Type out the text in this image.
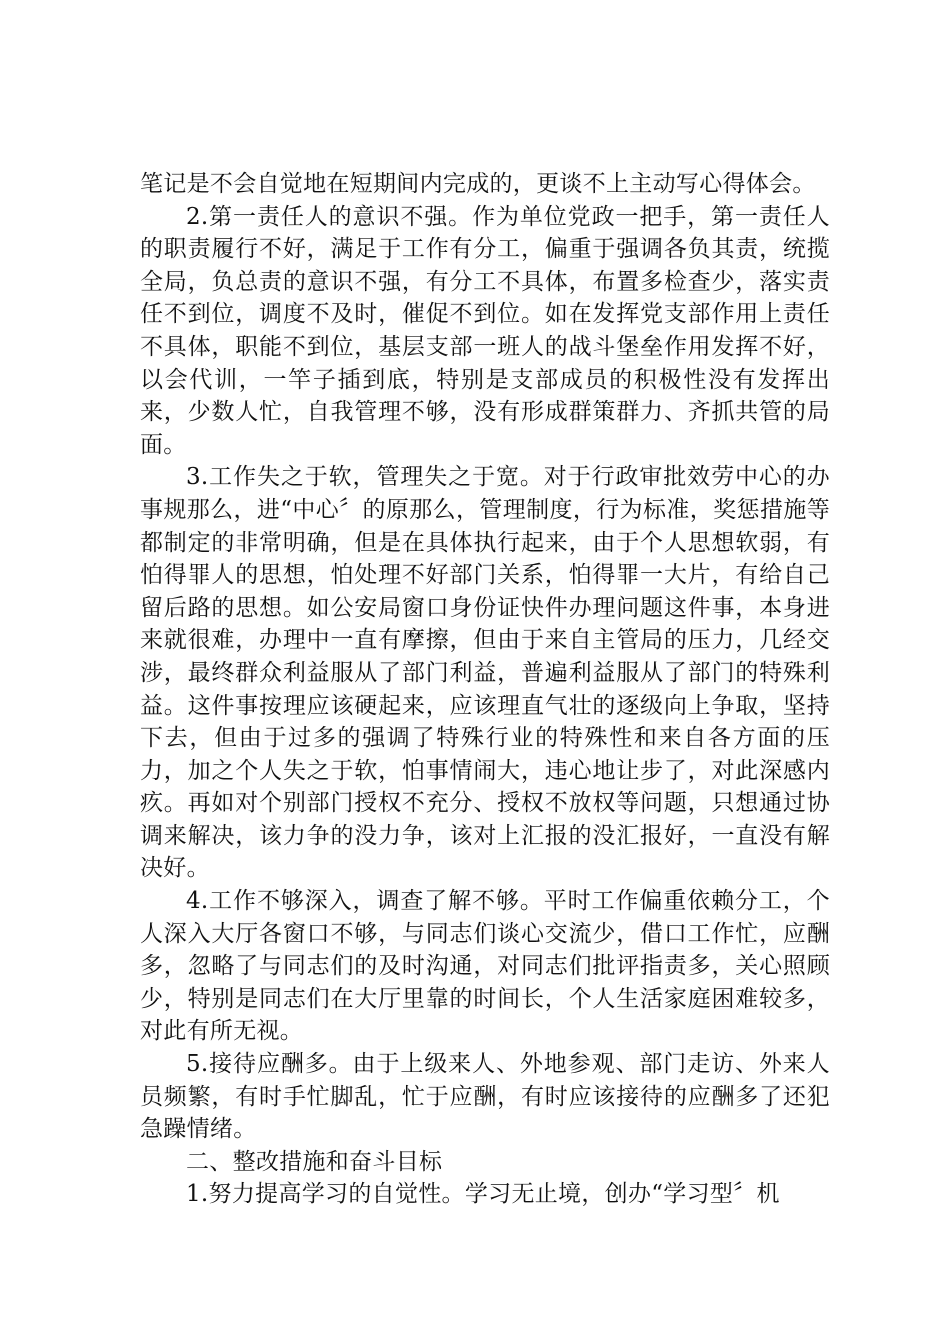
笔记是不会自觉地在短期间内完成的，更谈不上主动写心得体会。

2.第一责任人的意识不强。作为单位党政一把手，第一责任人的职责履行不好，满足于工作有分工，偏重于强调各负其责，统揽全局，负总责的意识不强，有分工不具体，布置多检查少，落实责任不到位，调度不及时，催促不到位。如在发挥党支部作用上责任不具体，职能不到位，基层支部一班人的战斗堡垒作用发挥不好，以会代训，一竿子插到底，特别是支部成员的积极性没有发挥出来，少数人忙，自我管理不够，没有形成群策群力、齐抓共管的局面。

3.工作失之于软，管理失之于宽。对于行政审批效劳中心的办事规那么，进“中心〞的原那么，管理制度，行为标准，奖惩措施等都制定的非常明确，但是在具体执行起来，由于个人思想软弱，有怕得罪人的思想，怕处理不好部门关系，怕得罪一大片，有给自己留后路的思想。如公安局窗口身份证快件办理问题这件事，本身进来就很难，办理中一直有摩擦，但由于来自主管局的压力，几经交涉，最终群众利益服从了部门利益，普遍利益服从了部门的特殊利益。这件事按理应该硬起来，应该理直气壮的逐级向上争取，坚持下去，但由于过多的强调了特殊行业的特殊性和来自各方面的压力，加之个人失之于软，怕事情闹大，违心地让步了，对此深感内疚。再如对个别部门授权不充分、授权不放权等问题，只想通过协调来解决，该力争的没力争，该对上汇报的没汇报好，一直没有解决好。

4.工作不够深入，调查了解不够。平时工作偏重依赖分工，个人深入大厅各窗口不够，与同志们谈心交流少，借口工作忙，应酬多，忽略了与同志们的及时沟通，对同志们批评指责多，关心照顾少，特别是同志们在大厅里靠的时间长，个人生活家庭困难较多，对此有所无视。

5.接待应酬多。由于上级来人、外地参观、部门走访、外来人员频繁，有时手忙脚乱，忙于应酬，有时应该接待的应酬多了还犯急躁情绪。

二、整改措施和奋斗目标

1.努力提高学习的自觉性。学习无止境，创办“学习型〞机
